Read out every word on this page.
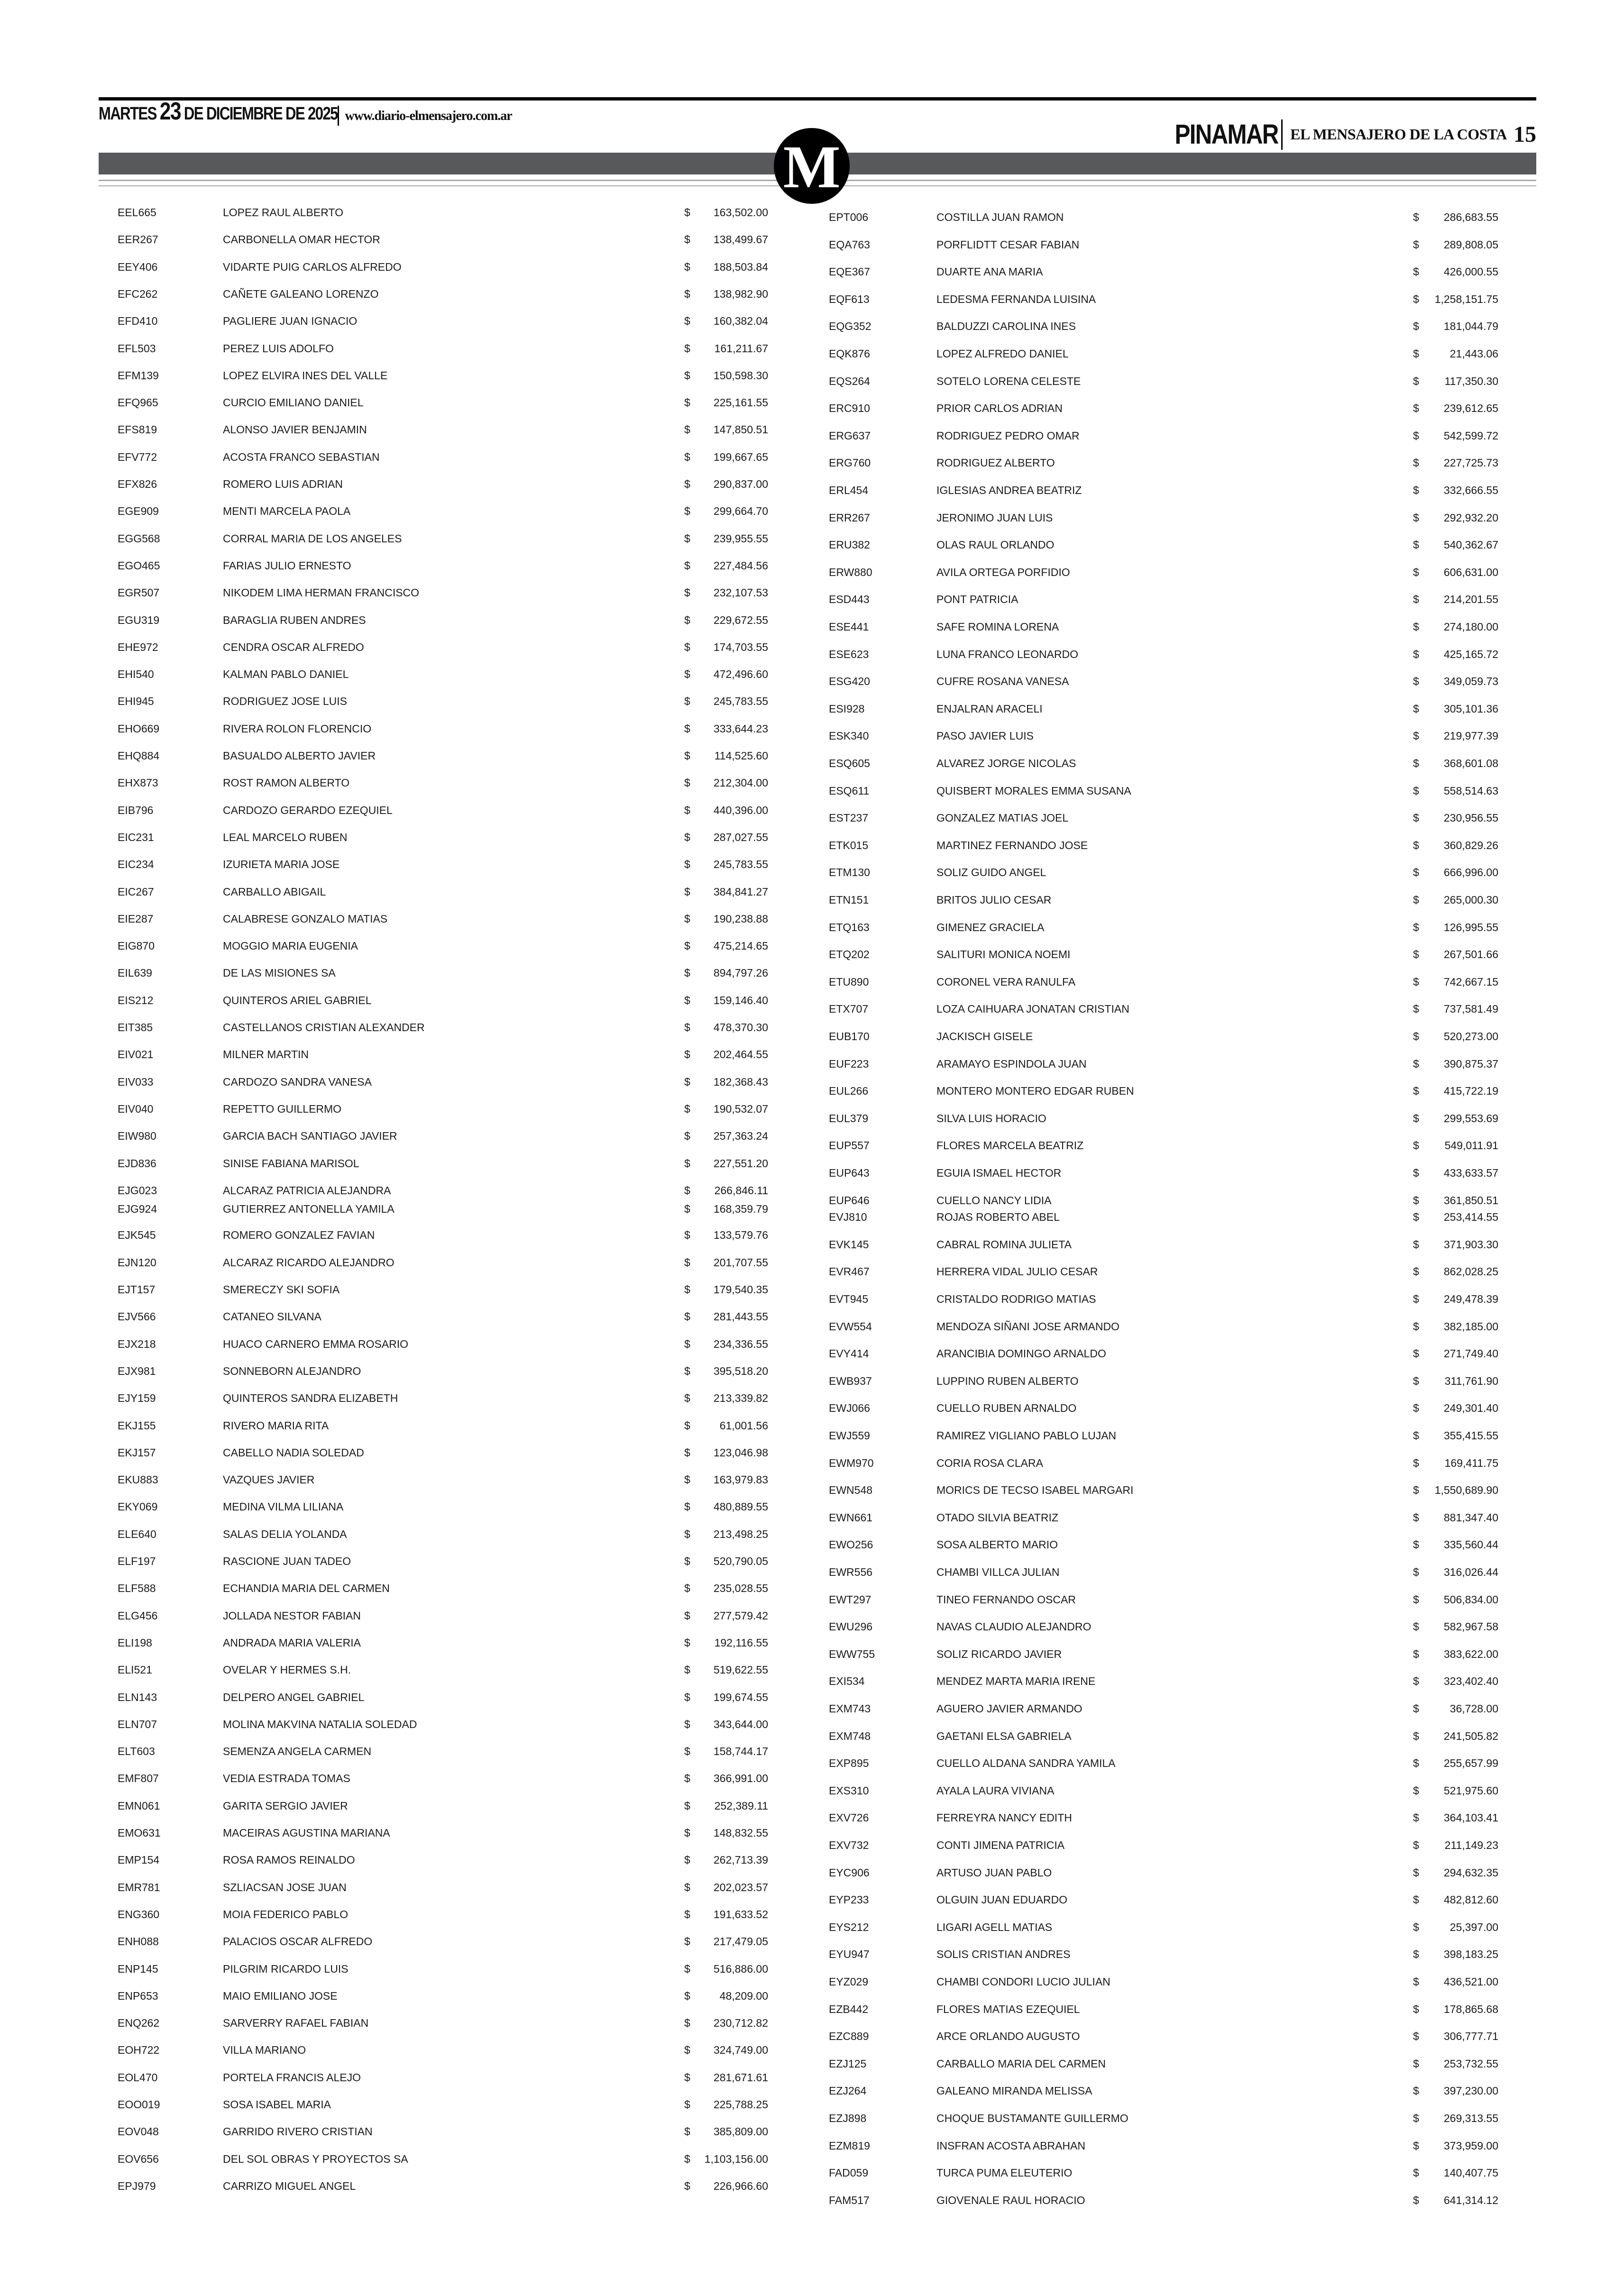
MARTES 23 DE DICIEMBRE DE 2025 www.diario-elmensajero.com.ar
PINAMAR EL MENSAJERO DE LA COSTA 15
M
EEL665	LOPEZ RAUL ALBERTO	$	163,502.00
EER267	CARBONELLA OMAR HECTOR	$	138,499.67
EEY406	VIDARTE PUIG CARLOS ALFREDO	$	188,503.84
EFC262	CAÑETE GALEANO LORENZO	$	138,982.90
EFD410	PAGLIERE JUAN IGNACIO	$	160,382.04
EFL503	PEREZ LUIS ADOLFO	$	161,211.67
EFM139	LOPEZ ELVIRA INES DEL VALLE	$	150,598.30
EFQ965	CURCIO EMILIANO DANIEL	$	225,161.55
EFS819	ALONSO JAVIER BENJAMIN	$	147,850.51
EFV772	ACOSTA FRANCO SEBASTIAN	$	199,667.65
EFX826	ROMERO LUIS ADRIAN	$	290,837.00
EGE909	MENTI MARCELA PAOLA	$	299,664.70
EGG568	CORRAL MARIA DE LOS ANGELES	$	239,955.55
EGO465	FARIAS JULIO ERNESTO	$	227,484.56
EGR507	NIKODEM LIMA HERMAN FRANCISCO	$	232,107.53
EGU319	BARAGLIA RUBEN ANDRES	$	229,672.55
EHE972	CENDRA OSCAR ALFREDO	$	174,703.55
EHI540	KALMAN PABLO DANIEL	$	472,496.60
EHI945	RODRIGUEZ JOSE LUIS	$	245,783.55
EHO669	RIVERA ROLON FLORENCIO	$	333,644.23
EHQ884	BASUALDO ALBERTO JAVIER	$	114,525.60
EHX873	ROST RAMON ALBERTO	$	212,304.00
EIB796	CARDOZO GERARDO EZEQUIEL	$	440,396.00
EIC231	LEAL MARCELO RUBEN	$	287,027.55
EIC234	IZURIETA MARIA JOSE	$	245,783.55
EIC267	CARBALLO ABIGAIL	$	384,841.27
EIE287	CALABRESE GONZALO MATIAS	$	190,238.88
EIG870	MOGGIO MARIA EUGENIA	$	475,214.65
EIL639	DE LAS MISIONES SA	$	894,797.26
EIS212	QUINTEROS ARIEL GABRIEL	$	159,146.40
EIT385	CASTELLANOS CRISTIAN ALEXANDER	$	478,370.30
EIV021	MILNER MARTIN	$	202,464.55
EIV033	CARDOZO SANDRA VANESA	$	182,368.43
EIV040	REPETTO GUILLERMO	$	190,532.07
EIW980	GARCIA BACH SANTIAGO JAVIER	$	257,363.24
EJD836	SINISE FABIANA MARISOL	$	227,551.20
EJG023	ALCARAZ PATRICIA ALEJANDRA	$	266,846.11
EJG924	GUTIERREZ ANTONELLA YAMILA	$	168,359.79
EJK545	ROMERO GONZALEZ FAVIAN	$	133,579.76
EJN120	ALCARAZ RICARDO ALEJANDRO	$	201,707.55
EJT157	SMERECZY SKI SOFIA	$	179,540.35
EJV566	CATANEO SILVANA	$	281,443.55
EJX218	HUACO CARNERO EMMA ROSARIO	$	234,336.55
EJX981	SONNEBORN ALEJANDRO	$	395,518.20
EJY159	QUINTEROS SANDRA ELIZABETH	$	213,339.82
EKJ155	RIVERO MARIA RITA	$	61,001.56
EKJ157	CABELLO NADIA SOLEDAD	$	123,046.98
EKU883	VAZQUES JAVIER	$	163,979.83
EKY069	MEDINA VILMA LILIANA	$	480,889.55
ELE640	SALAS DELIA YOLANDA	$	213,498.25
ELF197	RASCIONE JUAN TADEO	$	520,790.05
ELF588	ECHANDIA MARIA DEL CARMEN	$	235,028.55
ELG456	JOLLADA NESTOR FABIAN	$	277,579.42
ELI198	ANDRADA MARIA VALERIA	$	192,116.55
ELI521	OVELAR Y HERMES S.H.	$	519,622.55
ELN143	DELPERO ANGEL GABRIEL	$	199,674.55
ELN707	MOLINA MAKVINA NATALIA SOLEDAD	$	343,644.00
ELT603	SEMENZA ANGELA CARMEN	$	158,744.17
EMF807	VEDIA ESTRADA TOMAS	$	366,991.00
EMN061	GARITA SERGIO JAVIER	$	252,389.11
EMO631	MACEIRAS AGUSTINA MARIANA	$	148,832.55
EMP154	ROSA RAMOS REINALDO	$	262,713.39
EMR781	SZLIACSAN JOSE JUAN	$	202,023.57
ENG360	MOIA FEDERICO PABLO	$	191,633.52
ENH088	PALACIOS OSCAR ALFREDO	$	217,479.05
ENP145	PILGRIM RICARDO LUIS	$	516,886.00
ENP653	MAIO EMILIANO JOSE	$	48,209.00
ENQ262	SARVERRY RAFAEL FABIAN	$	230,712.82
EOH722	VILLA MARIANO	$	324,749.00
EOL470	PORTELA FRANCIS ALEJO	$	281,671.61
EOO019	SOSA ISABEL MARIA	$	225,788.25
EOV048	GARRIDO RIVERO CRISTIAN	$	385,809.00
EOV656	DEL SOL OBRAS Y PROYECTOS SA	$	1,103,156.00
EPJ979	CARRIZO MIGUEL ANGEL	$	226,966.60
EPT006	COSTILLA JUAN RAMON	$	286,683.55
EQA763	PORFLIDTT CESAR FABIAN	$	289,808.05
EQE367	DUARTE ANA MARIA	$	426,000.55
EQF613	LEDESMA FERNANDA LUISINA	$	1,258,151.75
EQG352	BALDUZZI CAROLINA INES	$	181,044.79
EQK876	LOPEZ ALFREDO DANIEL	$	21,443.06
EQS264	SOTELO LORENA CELESTE	$	117,350.30
ERC910	PRIOR CARLOS ADRIAN	$	239,612.65
ERG637	RODRIGUEZ PEDRO OMAR	$	542,599.72
ERG760	RODRIGUEZ ALBERTO	$	227,725.73
ERL454	IGLESIAS ANDREA BEATRIZ	$	332,666.55
ERR267	JERONIMO JUAN LUIS	$	292,932.20
ERU382	OLAS RAUL ORLANDO	$	540,362.67
ERW880	AVILA ORTEGA PORFIDIO	$	606,631.00
ESD443	PONT PATRICIA	$	214,201.55
ESE441	SAFE ROMINA LORENA	$	274,180.00
ESE623	LUNA FRANCO LEONARDO	$	425,165.72
ESG420	CUFRE ROSANA VANESA	$	349,059.73
ESI928	ENJALRAN ARACELI	$	305,101.36
ESK340	PASO JAVIER LUIS	$	219,977.39
ESQ605	ALVAREZ JORGE NICOLAS	$	368,601.08
ESQ611	QUISBERT MORALES EMMA SUSANA	$	558,514.63
EST237	GONZALEZ MATIAS JOEL	$	230,956.55
ETK015	MARTINEZ FERNANDO JOSE	$	360,829.26
ETM130	SOLIZ GUIDO ANGEL	$	666,996.00
ETN151	BRITOS JULIO CESAR	$	265,000.30
ETQ163	GIMENEZ GRACIELA	$	126,995.55
ETQ202	SALITURI MONICA NOEMI	$	267,501.66
ETU890	CORONEL VERA RANULFA	$	742,667.15
ETX707	LOZA CAIHUARA JONATAN CRISTIAN	$	737,581.49
EUB170	JACKISCH GISELE	$	520,273.00
EUF223	ARAMAYO ESPINDOLA JUAN	$	390,875.37
EUL266	MONTERO MONTERO EDGAR RUBEN	$	415,722.19
EUL379	SILVA LUIS HORACIO	$	299,553.69
EUP557	FLORES MARCELA BEATRIZ	$	549,011.91
EUP643	EGUIA ISMAEL HECTOR	$	433,633.57
EUP646	CUELLO NANCY LIDIA	$	361,850.51
EVJ810	ROJAS ROBERTO ABEL	$	253,414.55
EVK145	CABRAL ROMINA JULIETA	$	371,903.30
EVR467	HERRERA VIDAL JULIO CESAR	$	862,028.25
EVT945	CRISTALDO RODRIGO MATIAS	$	249,478.39
EVW554	MENDOZA SIÑANI JOSE ARMANDO	$	382,185.00
EVY414	ARANCIBIA DOMINGO ARNALDO	$	271,749.40
EWB937	LUPPINO RUBEN ALBERTO	$	311,761.90
EWJ066	CUELLO RUBEN ARNALDO	$	249,301.40
EWJ559	RAMIREZ VIGLIANO PABLO LUJAN	$	355,415.55
EWM970	CORIA ROSA CLARA	$	169,411.75
EWN548	MORICS DE TECSO ISABEL MARGARI	$	1,550,689.90
EWN661	OTADO SILVIA BEATRIZ	$	881,347.40
EWO256	SOSA ALBERTO MARIO	$	335,560.44
EWR556	CHAMBI VILLCA JULIAN	$	316,026.44
EWT297	TINEO FERNANDO OSCAR	$	506,834.00
EWU296	NAVAS CLAUDIO ALEJANDRO	$	582,967.58
EWW755	SOLIZ RICARDO JAVIER	$	383,622.00
EXI534	MENDEZ MARTA MARIA IRENE	$	323,402.40
EXM743	AGUERO JAVIER ARMANDO	$	36,728.00
EXM748	GAETANI ELSA GABRIELA	$	241,505.82
EXP895	CUELLO ALDANA SANDRA YAMILA	$	255,657.99
EXS310	AYALA LAURA VIVIANA	$	521,975.60
EXV726	FERREYRA NANCY EDITH	$	364,103.41
EXV732	CONTI JIMENA PATRICIA	$	211,149.23
EYC906	ARTUSO JUAN PABLO	$	294,632.35
EYP233	OLGUIN JUAN EDUARDO	$	482,812.60
EYS212	LIGARI AGELL MATIAS	$	25,397.00
EYU947	SOLIS CRISTIAN ANDRES	$	398,183.25
EYZ029	CHAMBI CONDORI LUCIO JULIAN	$	436,521.00
EZB442	FLORES MATIAS EZEQUIEL	$	178,865.68
EZC889	ARCE ORLANDO AUGUSTO	$	306,777.71
EZJ125	CARBALLO MARIA DEL CARMEN	$	253,732.55
EZJ264	GALEANO MIRANDA MELISSA	$	397,230.00
EZJ898	CHOQUE BUSTAMANTE GUILLERMO	$	269,313.55
EZM819	INSFRAN ACOSTA ABRAHAN	$	373,959.00
FAD059	TURCA PUMA ELEUTERIO	$	140,407.75
FAM517	GIOVENALE RAUL HORACIO	$	641,314.12
